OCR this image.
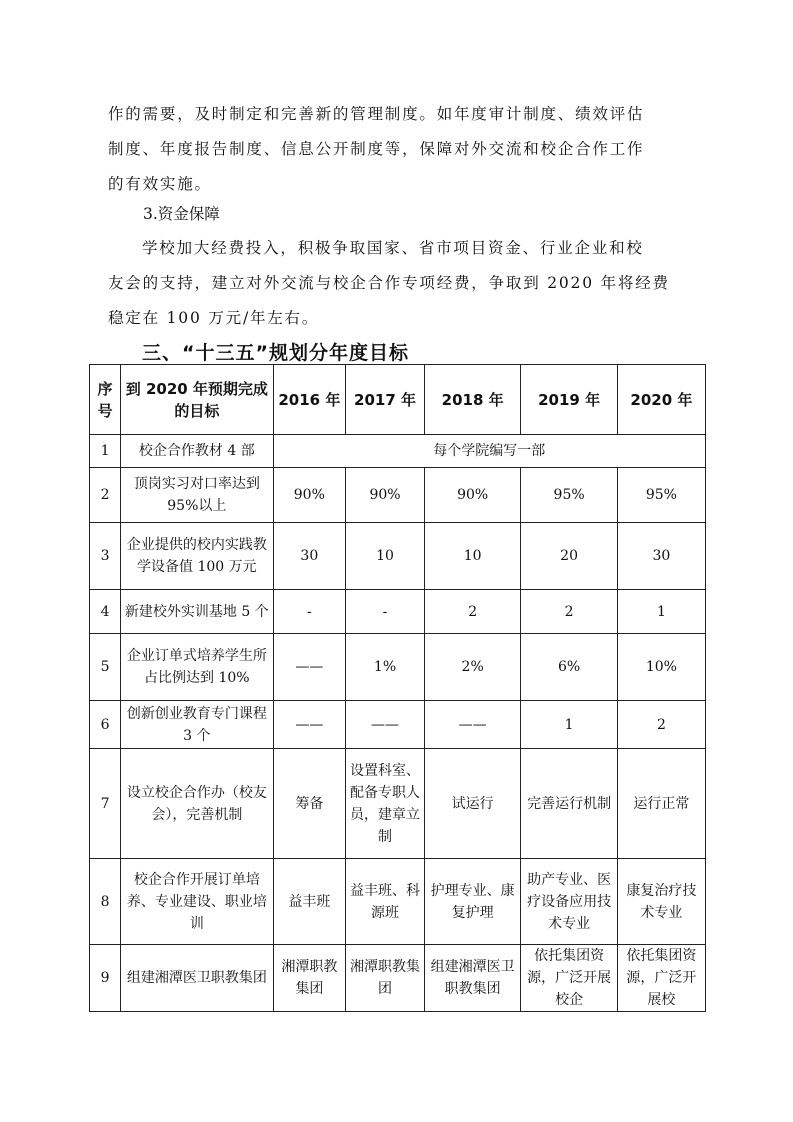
作的需要，及时制定和完善新的管理制度。如年度审计制度、绩效评估
制度、年度报告制度、信息公开制度等，保障对外交流和校企合作工作
的有效实施。
3.资金保障
学校加大经费投入，积极争取国家、省市项目资金、行业企业和校
友会的支持，建立对外交流与校企合作专项经费，争取到 2020 年将经费
稳定在 100 万元/年左右。
三、“十三五”规划分年度目标
序号	到 2020 年预期完成的目标	2016 年	2017 年	2018 年	2019 年	2020 年
1	校企合作教材 4 部	每个学院编写一部				
2	顶岗实习对口率达到 95%以上	90%	90%	90%	95%	95%
3	企业提供的校内实践教学设备值 100 万元	30	10	10	20	30
4	新建校外实训基地 5 个	-	-	2	2	1
5	企业订单式培养学生所占比例达到 10%	——	1%	2%	6%	10%
6	创新创业教育专门课程 3 个	——	——	——	1	2
7	设立校企合作办（校友会），完善机制	筹备	设置科室、配备专职人员，建章立制	试运行	完善运行机制	运行正常
8	校企合作开展订单培养、专业建设、职业培训	益丰班	益丰班、科源班	护理专业、康复护理	助产专业、医疗设备应用技术专业	康复治疗技术专业
9	组建湘潭医卫职教集团	湘潭职教集团	湘潭职教集团	组建湘潭医卫职教集团	依托集团资源，广泛开展校企	依托集团资源，广泛开展校
